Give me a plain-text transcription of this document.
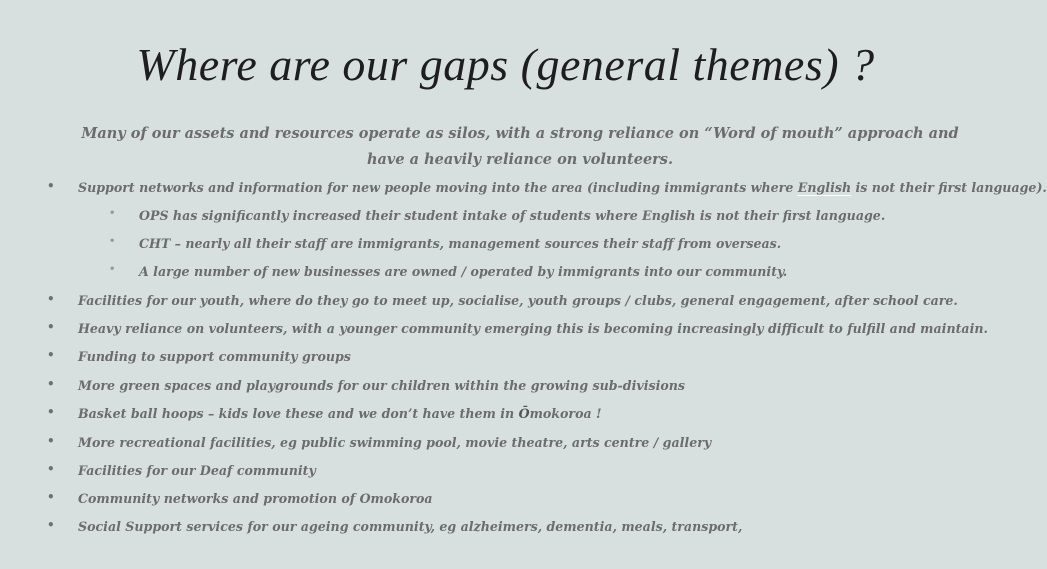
Where are our gaps (general themes) ?
Many of our assets and resources operate as silos, with a strong reliance on “Word of mouth” approach and have a heavily reliance on volunteers.
• Support networks and information for new people moving into the area (including immigrants where English is not their first language).
• OPS has significantly increased their student intake of students where English is not their first language.
• CHT – nearly all their staff are immigrants, management sources their staff from overseas.
• A large number of new businesses are owned / operated by immigrants into our community.
• Facilities for our youth, where do they go to meet up, socialise, youth groups / clubs, general engagement, after school care.
• Heavy reliance on volunteers, with a younger community emerging this is becoming increasingly difficult to fulfill and maintain.
• Funding to support community groups
• More green spaces and playgrounds for our children within the growing sub-divisions
• Basket ball hoops – kids love these and we don’t have them in Ōmokoroa !
• More recreational facilities, eg public swimming pool, movie theatre, arts centre / gallery
• Facilities for our Deaf community
• Community networks and promotion of Omokoroa
• Social Support services for our ageing community, eg alzheimers, dementia, meals, transport,
